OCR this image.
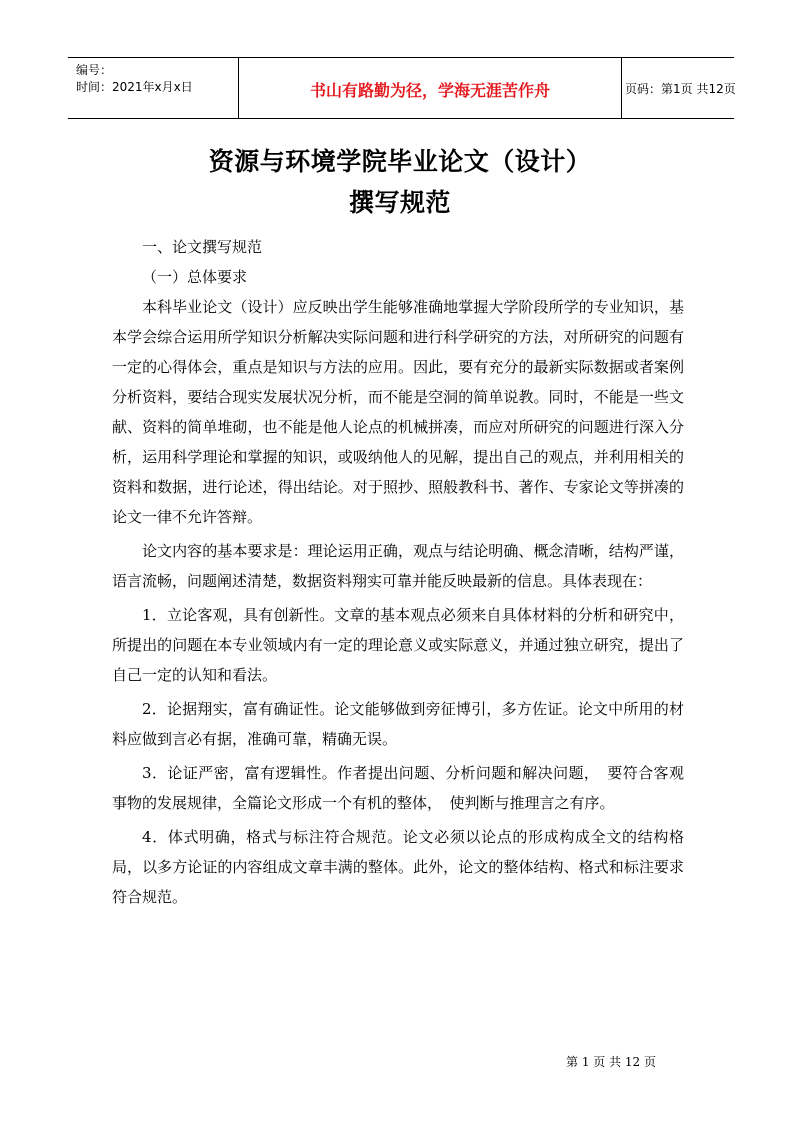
编号：
时间：2021年x月x日	书山有路勤为径，学海无涯苦作舟	页码：第1页 共12页
资源与环境学院毕业论文（设计）
撰写规范

一、论文撰写规范

（一）总体要求

本科毕业论文（设计）应反映出学生能够准确地掌握大学阶段所学的专业知识，基本学会综合运用所学知识分析解决实际问题和进行科学研究的方法，对所研究的问题有一定的心得体会，重点是知识与方法的应用。因此，要有充分的最新实际数据或者案例分析资料，要结合现实发展状况分析，而不能是空洞的简单说教。同时，不能是一些文献、资料的简单堆砌，也不能是他人论点的机械拼凑，而应对所研究的问题进行深入分析，运用科学理论和掌握的知识，或吸纳他人的见解，提出自己的观点，并利用相关的资料和数据，进行论述，得出结论。对于照抄、照般教科书、著作、专家论文等拼凑的论文一律不允许答辩。

论文内容的基本要求是：理论运用正确，观点与结论明确、概念清晰，结构严谨，语言流畅，问题阐述清楚，数据资料翔实可靠并能反映最新的信息。具体表现在：

1．立论客观，具有创新性。文章的基本观点必须来自具体材料的分析和研究中，所提出的问题在本专业领域内有一定的理论意义或实际意义，并通过独立研究，提出了自己一定的认知和看法。

2．论据翔实，富有确证性。论文能够做到旁征博引，多方佐证。论文中所用的材料应做到言必有据，准确可靠，精确无误。

3．论证严密，富有逻辑性。作者提出问题、分析问题和解决问题，　要符合客观事物的发展规律，全篇论文形成一个有机的整体，　使判断与推理言之有序。

4．体式明确，格式与标注符合规范。论文必须以论点的形成构成全文的结构格局，以多方论证的内容组成文章丰满的整体。此外，论文的整体结构、格式和标注要求符合规范。

第 1 页 共 12 页
